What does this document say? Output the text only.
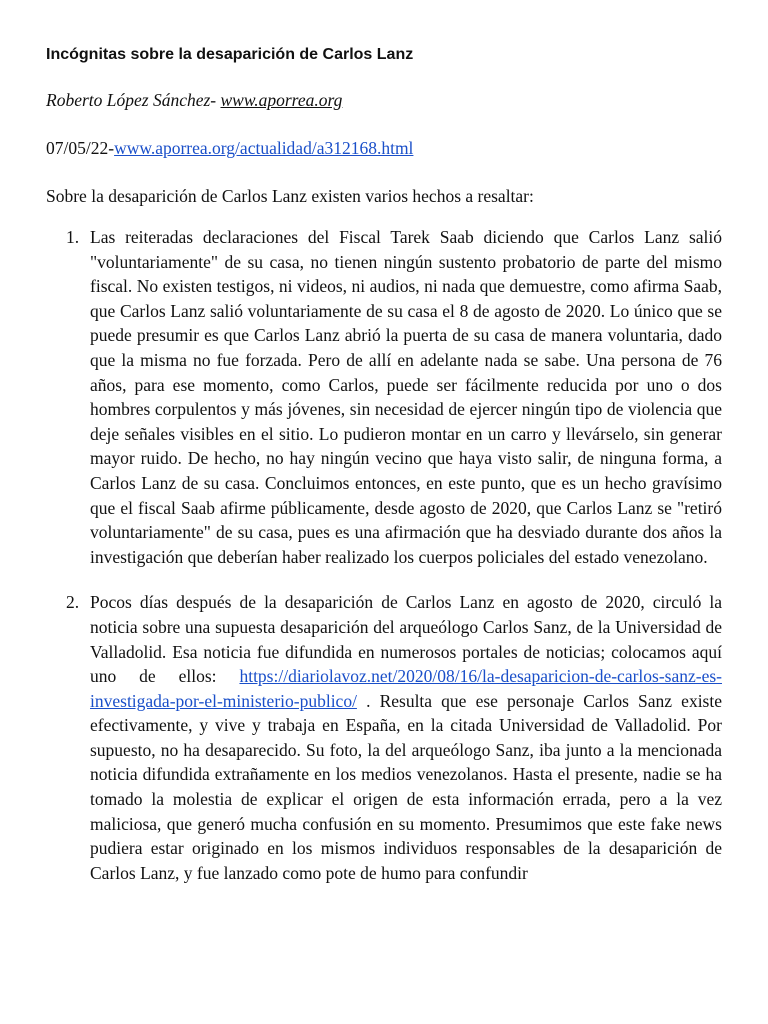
Incógnitas sobre la desaparición de Carlos Lanz

Roberto López Sánchez- www.aporrea.org

07/05/22-www.aporrea.org/actualidad/a312168.html

Sobre la desaparición de Carlos Lanz existen varios hechos a resaltar:

1. Las reiteradas declaraciones del Fiscal Tarek Saab diciendo que Carlos Lanz salió "voluntariamente" de su casa, no tienen ningún sustento probatorio de parte del mismo fiscal. No existen testigos, ni videos, ni audios, ni nada que demuestre, como afirma Saab, que Carlos Lanz salió voluntariamente de su casa el 8 de agosto de 2020. Lo único que se puede presumir es que Carlos Lanz abrió la puerta de su casa de manera voluntaria, dado que la misma no fue forzada. Pero de allí en adelante nada se sabe. Una persona de 76 años, para ese momento, como Carlos, puede ser fácilmente reducida por uno o dos hombres corpulentos y más jóvenes, sin necesidad de ejercer ningún tipo de violencia que deje señales visibles en el sitio. Lo pudieron montar en un carro y llevárselo, sin generar mayor ruido. De hecho, no hay ningún vecino que haya visto salir, de ninguna forma, a Carlos Lanz de su casa. Concluimos entonces, en este punto, que es un hecho gravísimo que el fiscal Saab afirme públicamente, desde agosto de 2020, que Carlos Lanz se "retiró voluntariamente" de su casa, pues es una afirmación que ha desviado durante dos años la investigación que deberían haber realizado los cuerpos policiales del estado venezolano.
2. Pocos días después de la desaparición de Carlos Lanz en agosto de 2020, circuló la noticia sobre una supuesta desaparición del arqueólogo Carlos Sanz, de la Universidad de Valladolid. Esa noticia fue difundida en numerosos portales de noticias; colocamos aquí uno de ellos: https://diariolavoz.net/2020/08/16/la-desaparicion-de-carlos-sanz-es-investigada-por-el-ministerio-publico/ . Resulta que ese personaje Carlos Sanz existe efectivamente, y vive y trabaja en España, en la citada Universidad de Valladolid. Por supuesto, no ha desaparecido. Su foto, la del arqueólogo Sanz, iba junto a la mencionada noticia difundida extrañamente en los medios venezolanos. Hasta el presente, nadie se ha tomado la molestia de explicar el origen de esta información errada, pero a la vez maliciosa, que generó mucha confusión en su momento. Presumimos que este fake news pudiera estar originado en los mismos individuos responsables de la desaparición de Carlos Lanz, y fue lanzado como pote de humo para confundir
